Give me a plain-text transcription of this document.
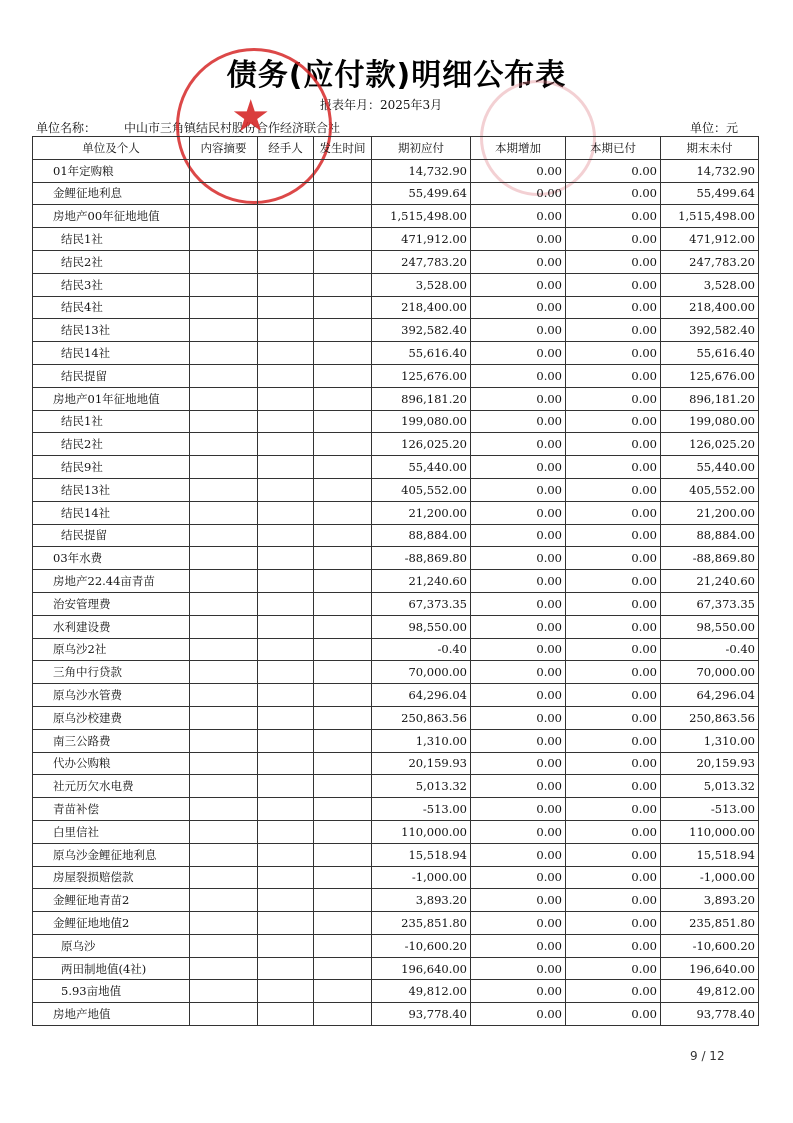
债务(应付款)明细公布表
报表年月：2025年3月
单位名称： 中山市三角镇结民村股份合作经济联合社	单位：元
★
单位及个人	内容摘要	经手人	发生时间	期初应付	本期增加	本期已付	期末未付
01年定购粮				14,732.90	0.00	0.00	14,732.90
金鲤征地利息				55,499.64	0.00	0.00	55,499.64
房地产00年征地地值				1,515,498.00	0.00	0.00	1,515,498.00
结民1社				471,912.00	0.00	0.00	471,912.00
结民2社				247,783.20	0.00	0.00	247,783.20
结民3社				3,528.00	0.00	0.00	3,528.00
结民4社				218,400.00	0.00	0.00	218,400.00
结民13社				392,582.40	0.00	0.00	392,582.40
结民14社				55,616.40	0.00	0.00	55,616.40
结民提留				125,676.00	0.00	0.00	125,676.00
房地产01年征地地值				896,181.20	0.00	0.00	896,181.20
结民1社				199,080.00	0.00	0.00	199,080.00
结民2社				126,025.20	0.00	0.00	126,025.20
结民9社				55,440.00	0.00	0.00	55,440.00
结民13社				405,552.00	0.00	0.00	405,552.00
结民14社				21,200.00	0.00	0.00	21,200.00
结民提留				88,884.00	0.00	0.00	88,884.00
03年水费				-88,869.80	0.00	0.00	-88,869.80
房地产22.44亩青苗				21,240.60	0.00	0.00	21,240.60
治安管理费				67,373.35	0.00	0.00	67,373.35
水利建设费				98,550.00	0.00	0.00	98,550.00
原乌沙2社				-0.40	0.00	0.00	-0.40
三角中行贷款				70,000.00	0.00	0.00	70,000.00
原乌沙水管费				64,296.04	0.00	0.00	64,296.04
原乌沙校建费				250,863.56	0.00	0.00	250,863.56
南三公路费				1,310.00	0.00	0.00	1,310.00
代办公购粮				20,159.93	0.00	0.00	20,159.93
社元历欠水电费				5,013.32	0.00	0.00	5,013.32
青苗补偿				-513.00	0.00	0.00	-513.00
白里信社				110,000.00	0.00	0.00	110,000.00
原乌沙金鲤征地利息				15,518.94	0.00	0.00	15,518.94
房屋裂损赔偿款				-1,000.00	0.00	0.00	-1,000.00
金鲤征地青苗2				3,893.20	0.00	0.00	3,893.20
金鲤征地地值2				235,851.80	0.00	0.00	235,851.80
原乌沙				-10,600.20	0.00	0.00	-10,600.20
两田制地值(4社)				196,640.00	0.00	0.00	196,640.00
5.93亩地值				49,812.00	0.00	0.00	49,812.00
房地产地值				93,778.40	0.00	0.00	93,778.40
9 / 12
